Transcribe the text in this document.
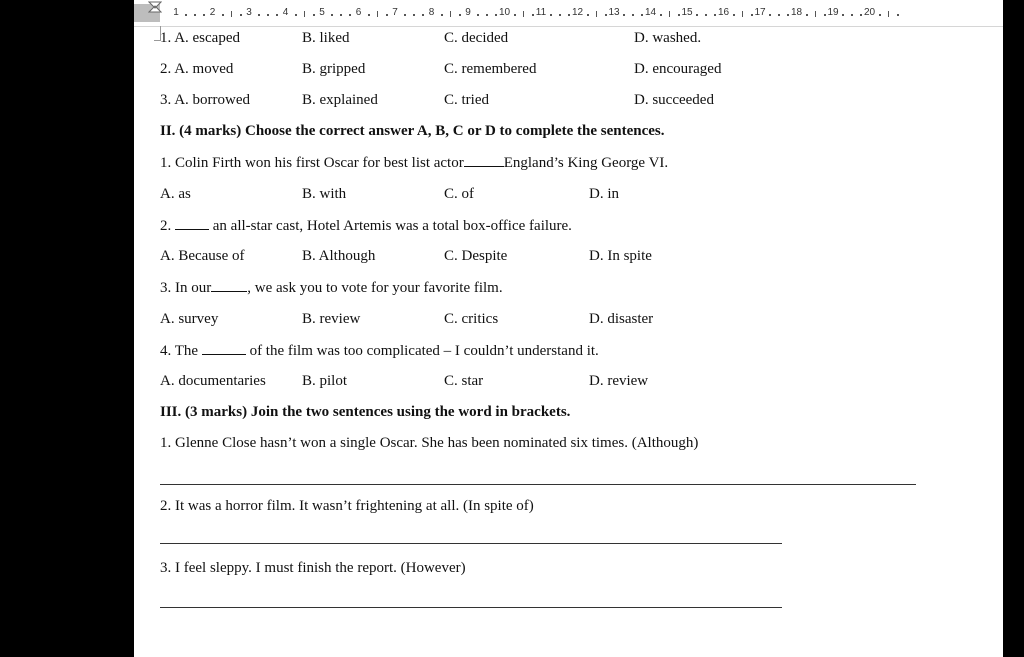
1	2	3	4	5	6	7	8	9	10	11	12	13	14	15	16	17	18	19	20
1. A. escaped	B. liked	C. decided	D. washed.
2. A. moved	B. gripped	C. remembered	D. encouraged
3. A. borrowed	B. explained	C. tried	D. succeeded
II. (4 marks) Choose the correct answer A, B, C or D to complete the sentences.
1. Colin Firth won his first Oscar for best list actor	England’s King George VI.
A. as	B. with	C. of	D. in
2.  an all-star cast, Hotel Artemis was a total box-office failure.
A. Because of	B. Although	C. Despite	D. In spite
3. In our , we ask you to vote for your favorite film.
A. survey	B. review	C. critics	D. disaster
4. The	of the film was too complicated – I couldn’t understand it.
A. documentaries B. pilot	C. star	D. review
III. (3 marks) Join the two sentences using the word in brackets.
1. Glenne Close hasn’t won a single Oscar. She has been nominated six times. (Although)
2. It was a horror film. It wasn’t frightening at all. (In spite of)
3. I feel sleppy. I must finish the report. (However)
